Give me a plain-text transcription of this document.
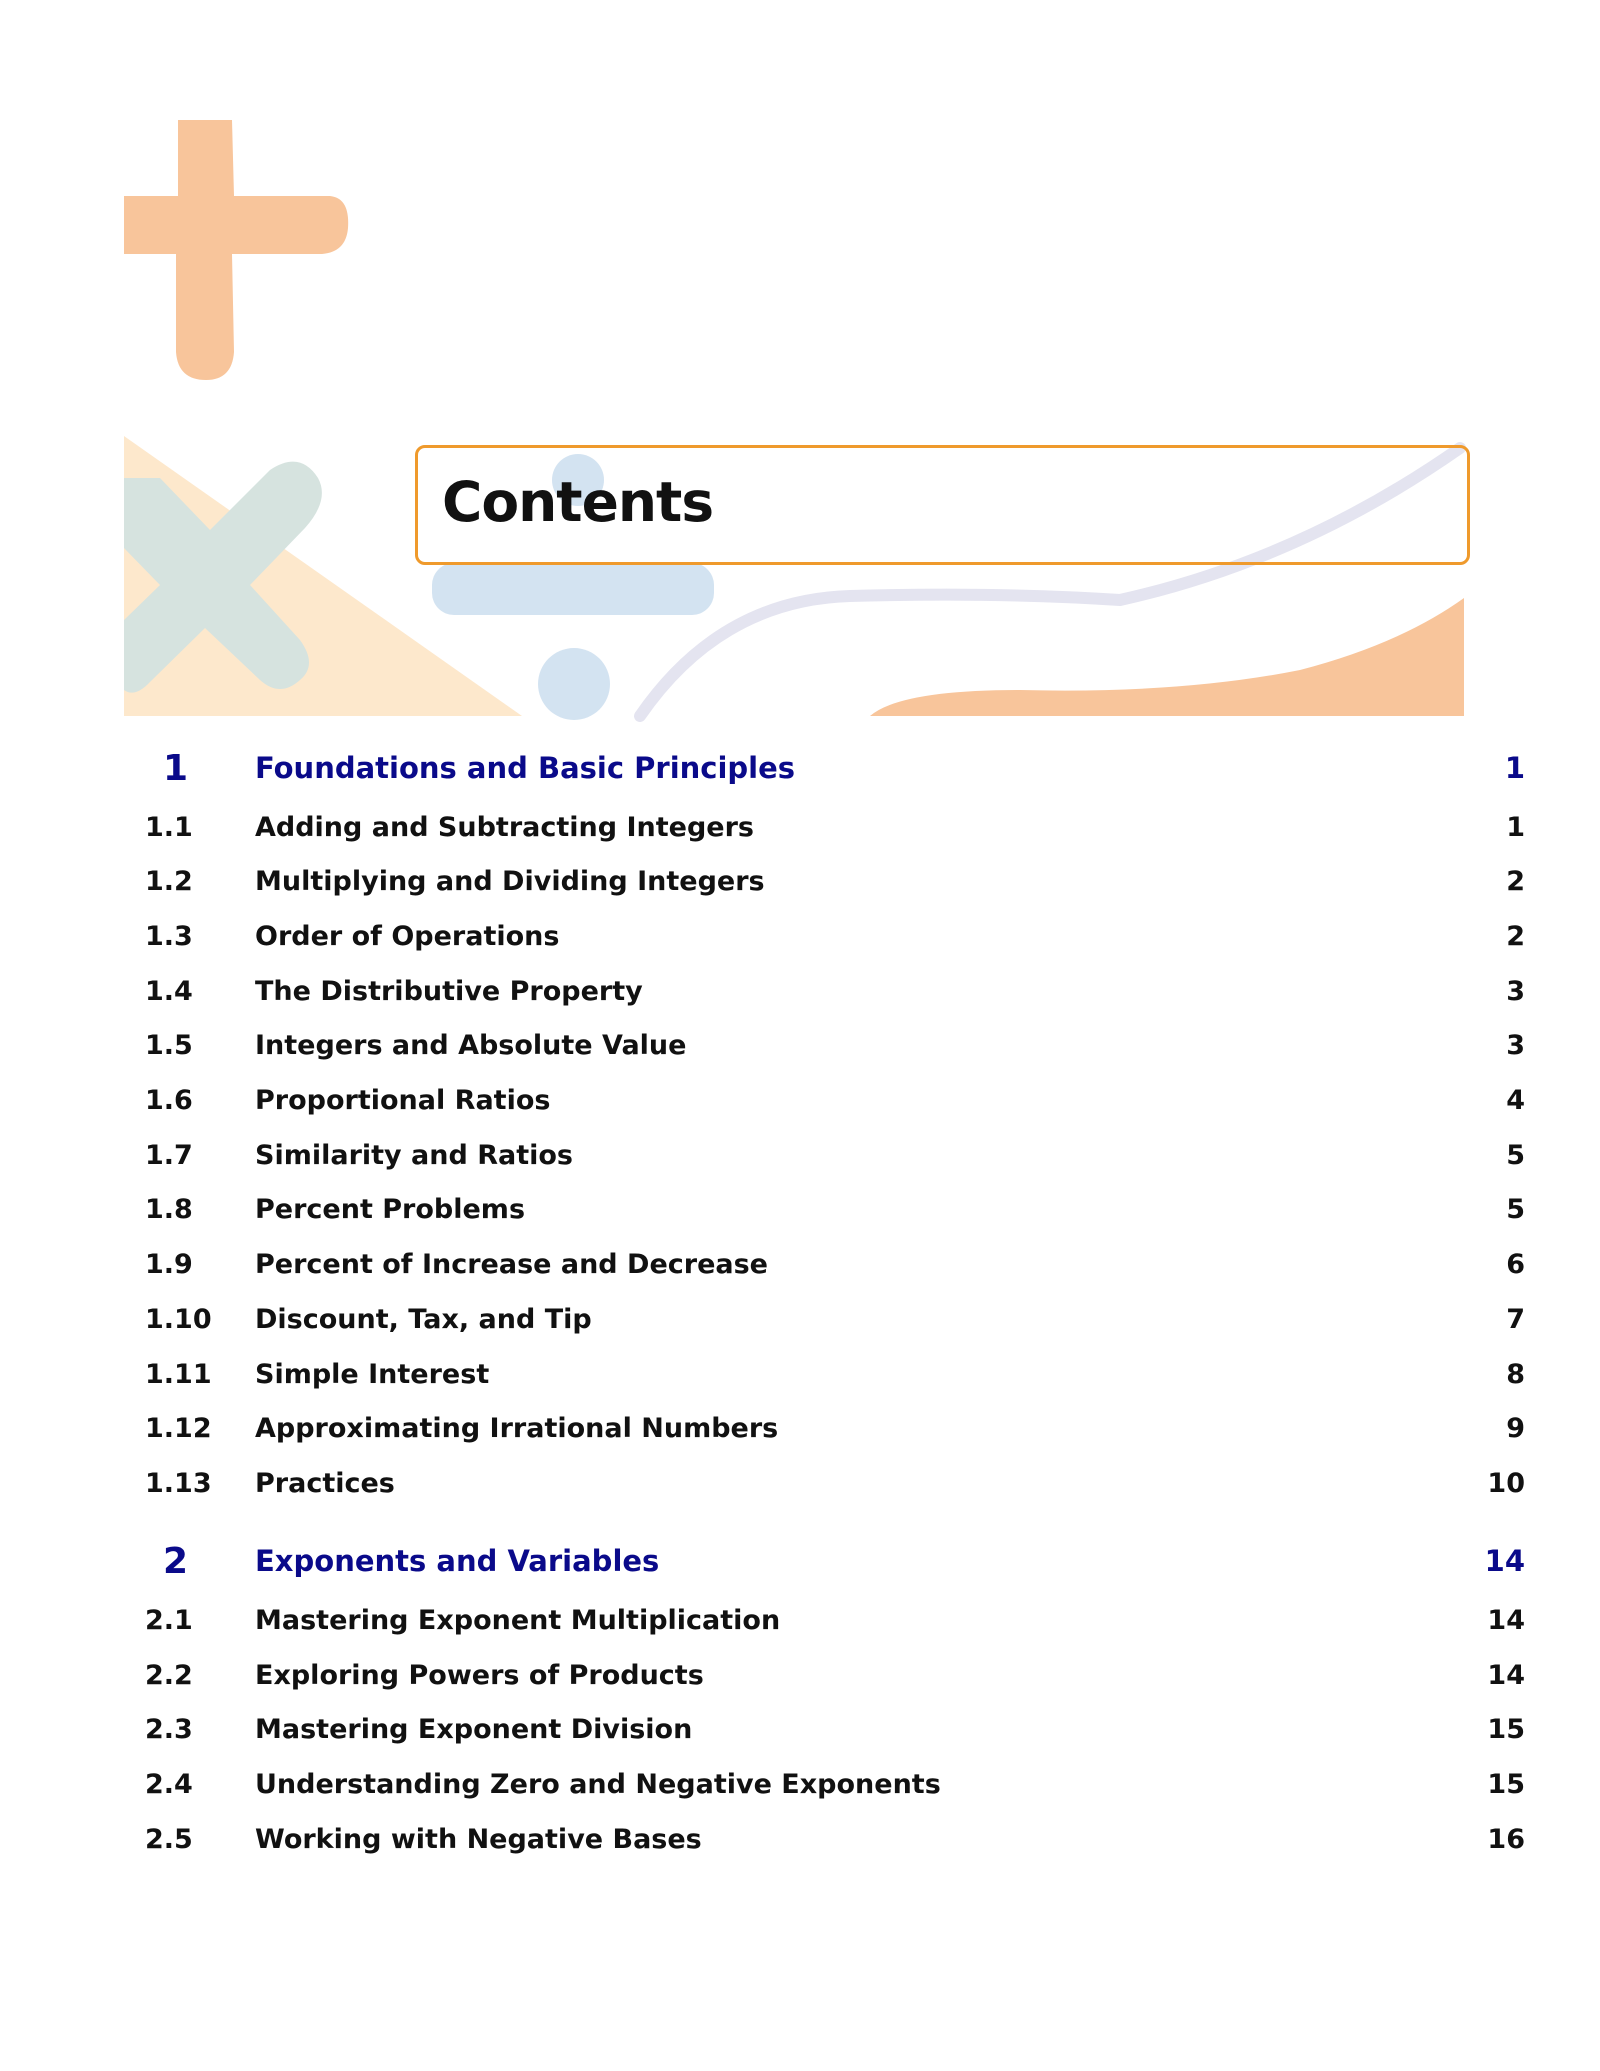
Contents
1	Foundations and Basic Principles	1
1.1	Adding and Subtracting Integers	1
1.2	Multiplying and Dividing Integers	2
1.3	Order of Operations	2
1.4	The Distributive Property	3
1.5	Integers and Absolute Value	3
1.6	Proportional Ratios	4
1.7	Similarity and Ratios	5
1.8	Percent Problems	5
1.9	Percent of Increase and Decrease	6
1.10	Discount, Tax, and Tip	7
1.11	Simple Interest	8
1.12	Approximating Irrational Numbers	9
1.13	Practices	10
2	Exponents and Variables	14
2.1	Mastering Exponent Multiplication	14
2.2	Exploring Powers of Products	14
2.3	Mastering Exponent Division	15
2.4	Understanding Zero and Negative Exponents	15
2.5	Working with Negative Bases	16
